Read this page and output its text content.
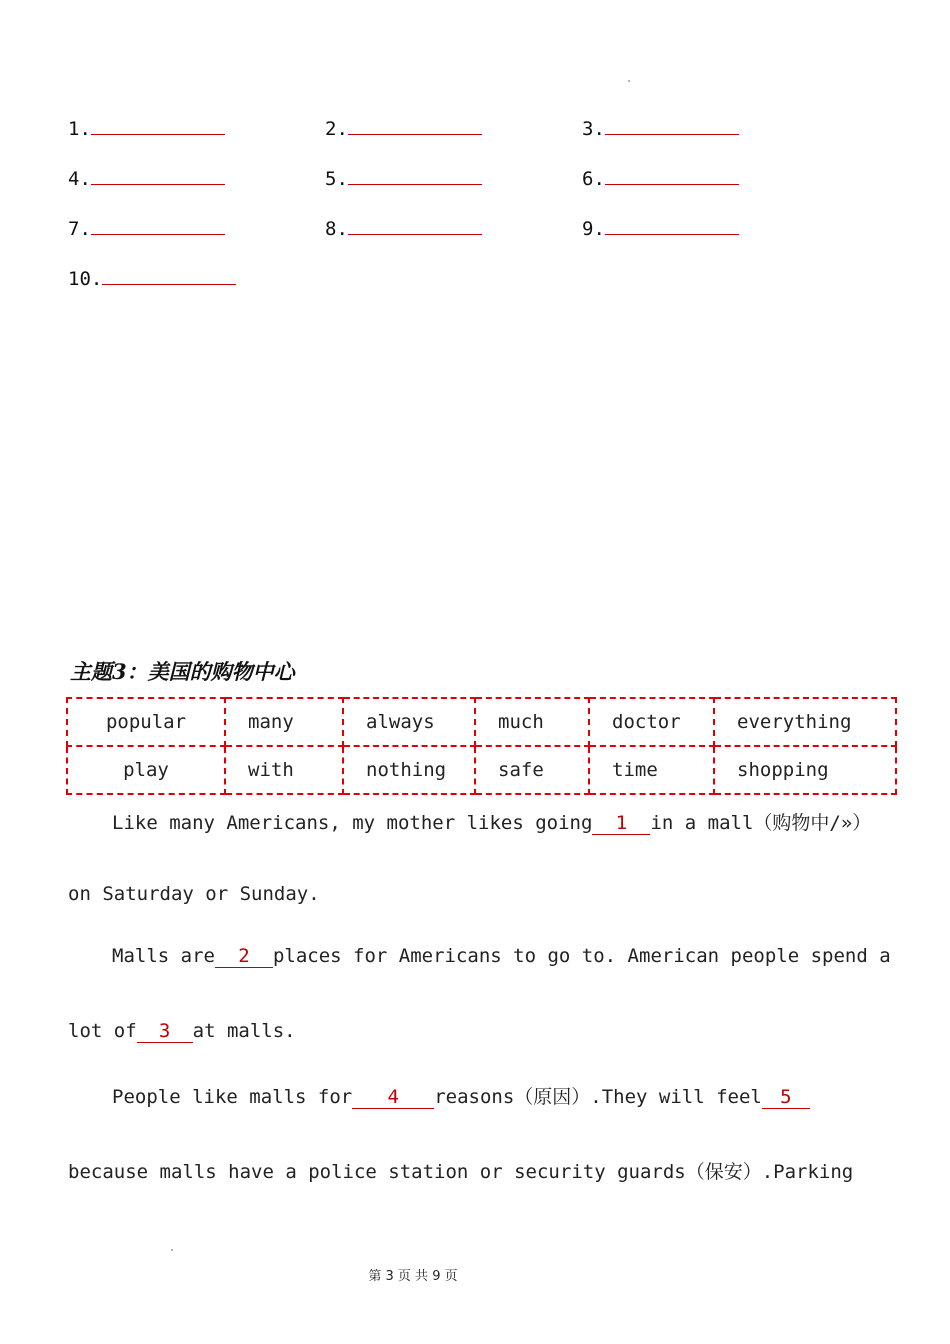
1.	2.	3.
4.	5.	6.
7.	8.	9.
10.
主题3：美国的购物中心
popular	many	always	much	doctor	everything
play	with	nothing	safe	time	shopping
Like many Americans, my mother likes going 1 in a mall（购物中/»）
on Saturday or Sunday.
Malls are 2 places for Americans to go to. American people spend a
lot of 3 at malls.
People like malls for 4 reasons（原因）.They will feel 5
because malls have a police station or security guards（保安）.Parking
第 3 页 共 9 页
